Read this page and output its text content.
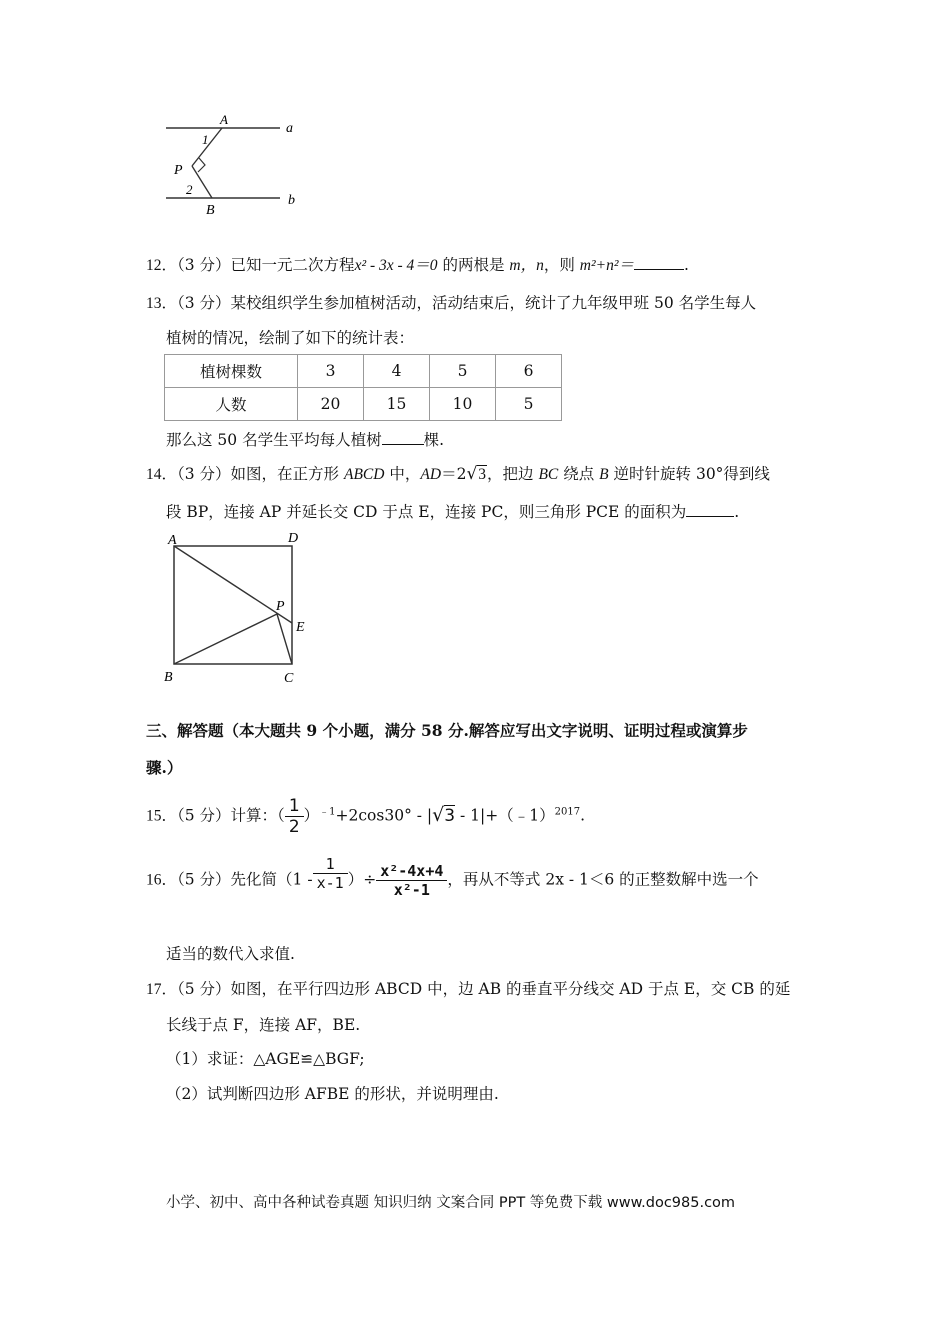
A
a
1
P
2
B
b
12．（3 分）已知一元二次方程x² - 3x - 4＝0 的两根是 m，n，则 m²+n²＝	.
13．（3 分）某校组织学生参加植树活动，活动结束后，统计了九年级甲班 50 名学生每人
植树的情况，绘制了如下的统计表：
植树棵数	3	4	5	6
人数	20	15	10	5
那么这 50 名学生平均每人植树	棵.
14．（3 分）如图，在正方形 ABCD 中，AD＝2√3，把边 BC 绕点 B 逆时针旋转 30°得到线
段 BP，连接 AP 并延长交 CD 于点 E，连接 PC，则三角形 PCE 的面积为	.
A	D
P
E
B	C
三、解答题（本大题共 9 个小题，满分 58 分.解答应写出文字说明、证明过程或演算步
骤.）
15．（5 分）计算：（ $\frac{1}{2} )^{﹣1}+2\cos 30^\circ - |√3$ - 1|+（﹣1）$^{2017}$.
16．（5 分）先化简（$1 - \frac{1}{x-1}$ ）÷ $\frac{\text{x²-4x+4}}{\text{x²-1}}$ ，再从不等式 2x - 1＜6 的正整数解中选一个
适当的数代入求值.
17．（5 分）如图，在平行四边形 ABCD 中，边 AB 的垂直平分线交 AD 于点 E，交 CB 的延
长线于点 F，连接 AF，BE.
（1）求证：△AGE≌△BGF;
（2）试判断四边形 AFBE 的形状，并说明理由.
小学、初中、高中各种试卷真题 知识归纳 文案合同 PPT 等免费下载 www.doc985.com
